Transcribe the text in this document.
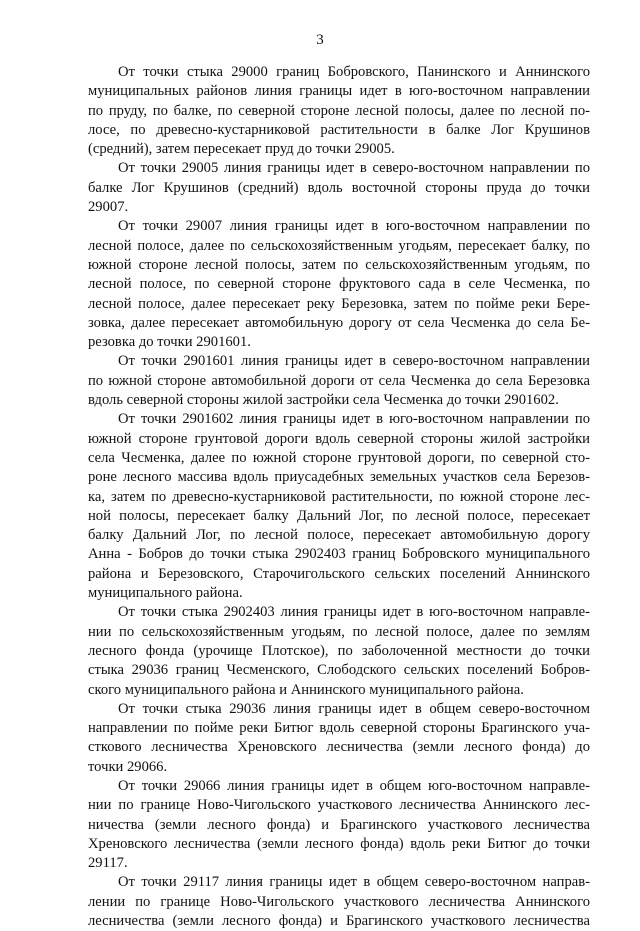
3
От точки стыка 29000 границ Бобровского, Панинского и Аннинского
муниципальных районов линия границы идет в юго-восточном направлении
по пруду, по балке, по северной стороне лесной полосы, далее по лесной по-
лосе, по древесно-кустарниковой растительности в балке Лог Крушинов
(средний), затем пересекает пруд до точки 29005.
От точки 29005 линия границы идет в северо-восточном направлении по
балке Лог Крушинов (средний) вдоль восточной стороны пруда до точки
29007.
От точки 29007 линия границы идет в юго-восточном направлении по
лесной полосе, далее по сельскохозяйственным угодьям, пересекает балку, по
южной стороне лесной полосы, затем по сельскохозяйственным угодьям, по
лесной полосе, по северной стороне фруктового сада в селе Чесменка, по
лесной полосе, далее пересекает реку Березовка, затем по пойме реки Бере-
зовка, далее пересекает автомобильную дорогу от села Чесменка до села Бе-
резовка до точки 2901601.
От точки 2901601 линия границы идет в северо-восточном направлении
по южной стороне автомобильной дороги от села Чесменка до села Березовка
вдоль северной стороны жилой застройки села Чесменка до точки 2901602.
От точки 2901602 линия границы идет в юго-восточном направлении по
южной стороне грунтовой дороги вдоль северной стороны жилой застройки
села Чесменка, далее по южной стороне грунтовой дороги, по северной сто-
роне лесного массива вдоль приусадебных земельных участков села Березов-
ка, затем по древесно-кустарниковой растительности, по южной стороне лес-
ной полосы, пересекает балку Дальний Лог, по лесной полосе, пересекает
балку Дальний Лог, по лесной полосе, пересекает автомобильную дорогу
Анна - Бобров до точки стыка 2902403 границ Бобровского муниципального
района и Березовского, Старочигольского сельских поселений Аннинского
муниципального района.
От точки стыка 2902403 линия границы идет в юго-восточном направле-
нии по сельскохозяйственным угодьям, по лесной полосе, далее по землям
лесного фонда (урочище Плотское), по заболоченной местности до точки
стыка 29036 границ Чесменского, Слободского сельских поселений Бобров-
ского муниципального района и Аннинского муниципального района.
От точки стыка 29036 линия границы идет в общем северо-восточном
направлении по пойме реки Битюг вдоль северной стороны Брагинского уча-
сткового лесничества Хреновского лесничества (земли лесного фонда) до
точки 29066.
От точки 29066 линия границы идет в общем юго-восточном направле-
нии по границе Ново-Чигольского участкового лесничества Аннинского лес-
ничества (земли лесного фонда) и Брагинского участкового лесничества
Хреновского лесничества (земли лесного фонда) вдоль реки Битюг до точки
29117.
От точки 29117 линия границы идет в общем северо-восточном направ-
лении по границе Ново-Чигольского участкового лесничества Аннинского
лесничества (земли лесного фонда) и Брагинского участкового лесничества
